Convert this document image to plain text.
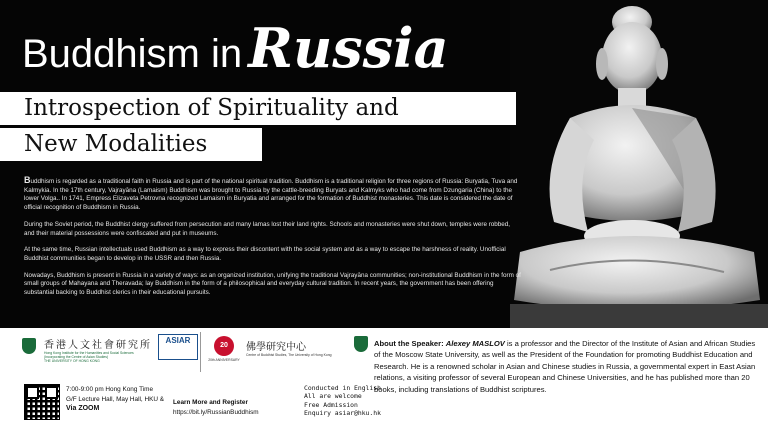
Buddhism in Russia
Introspection of Spirituality and
New Modalities

Buddhism is regarded as a traditional faith in Russia and is part of the national spiritual tradition. Buddhism is a traditional religion for three regions of Russia: Buryatia, Tuva and Kalmykia. In the 17th century, Vajrayāna (Lamaism) Buddhism was brought to Russia by the cattle-breeding Buryats and Kalmyks who had come from Dzungaria (China) to the lower Volga.. In 1741, Empress Elizaveta Petrovna recognized Lamaism in Buryatia and arranged for the formation of Buddhist monasteries. This date is considered the date of official recognition of Buddhism in Russia.

During the Soviet period, the Buddhist clergy suffered from persecution and many lamas lost their land rights. Schools and monasteries were shut down, temples were robbed, and their material possessions were confiscated and put in museums.

At the same time, Russian intellectuals used Buddhism as a way to express their discontent with the social system and as a way to escape the harshness of reality. Unofficial Buddhist communities began to develop in the USSR and then Russia.

Nowadays, Buddhism is present in Russia in a variety of ways: as an organized institution, unifying the traditional Vajrayāna communities; non-institutional Buddhism in the form of small groups of Mahayana and Theravada; lay Buddhism in the form of a philosophical and everyday cultural tradition. In recent years, the government has been offering substantial backing to Buddhist clerics in their educational pursuits.

香港人文社會研究所
Hong Kong Institute for the Humanities and Social Sciences
(Incorporating the Centre of Asian Studies)
THE UNIVERSITY OF HONG KONG
ASIAR
20
20th ANNIVERSARY
佛學研究中心
Centre of Buddhist Studies, The University of Hong Kong
7:00-9:00 pm Hong Kong Time
G/F Lecture Hall, May Hall, HKU &
Via ZOOM
Learn More and Register
https://bit.ly/RussianBuddhism
Conducted in English
All are welcome
Free Admission
Enquiry asiar@hku.hk
About the Speaker: Alexey MASLOV is a professor and the Director of the Institute of Asian and African Studies of the Moscow State University, as well as the President of the Foundation for promoting Buddhist Education and Research. He is a renowned scholar in Asian and Chinese studies in Russia, a governmental expert in East Asian relations, a visiting professor of several European and Chinese Universities, and he has published more than 20 books, including translations of Buddhist scriptures.
